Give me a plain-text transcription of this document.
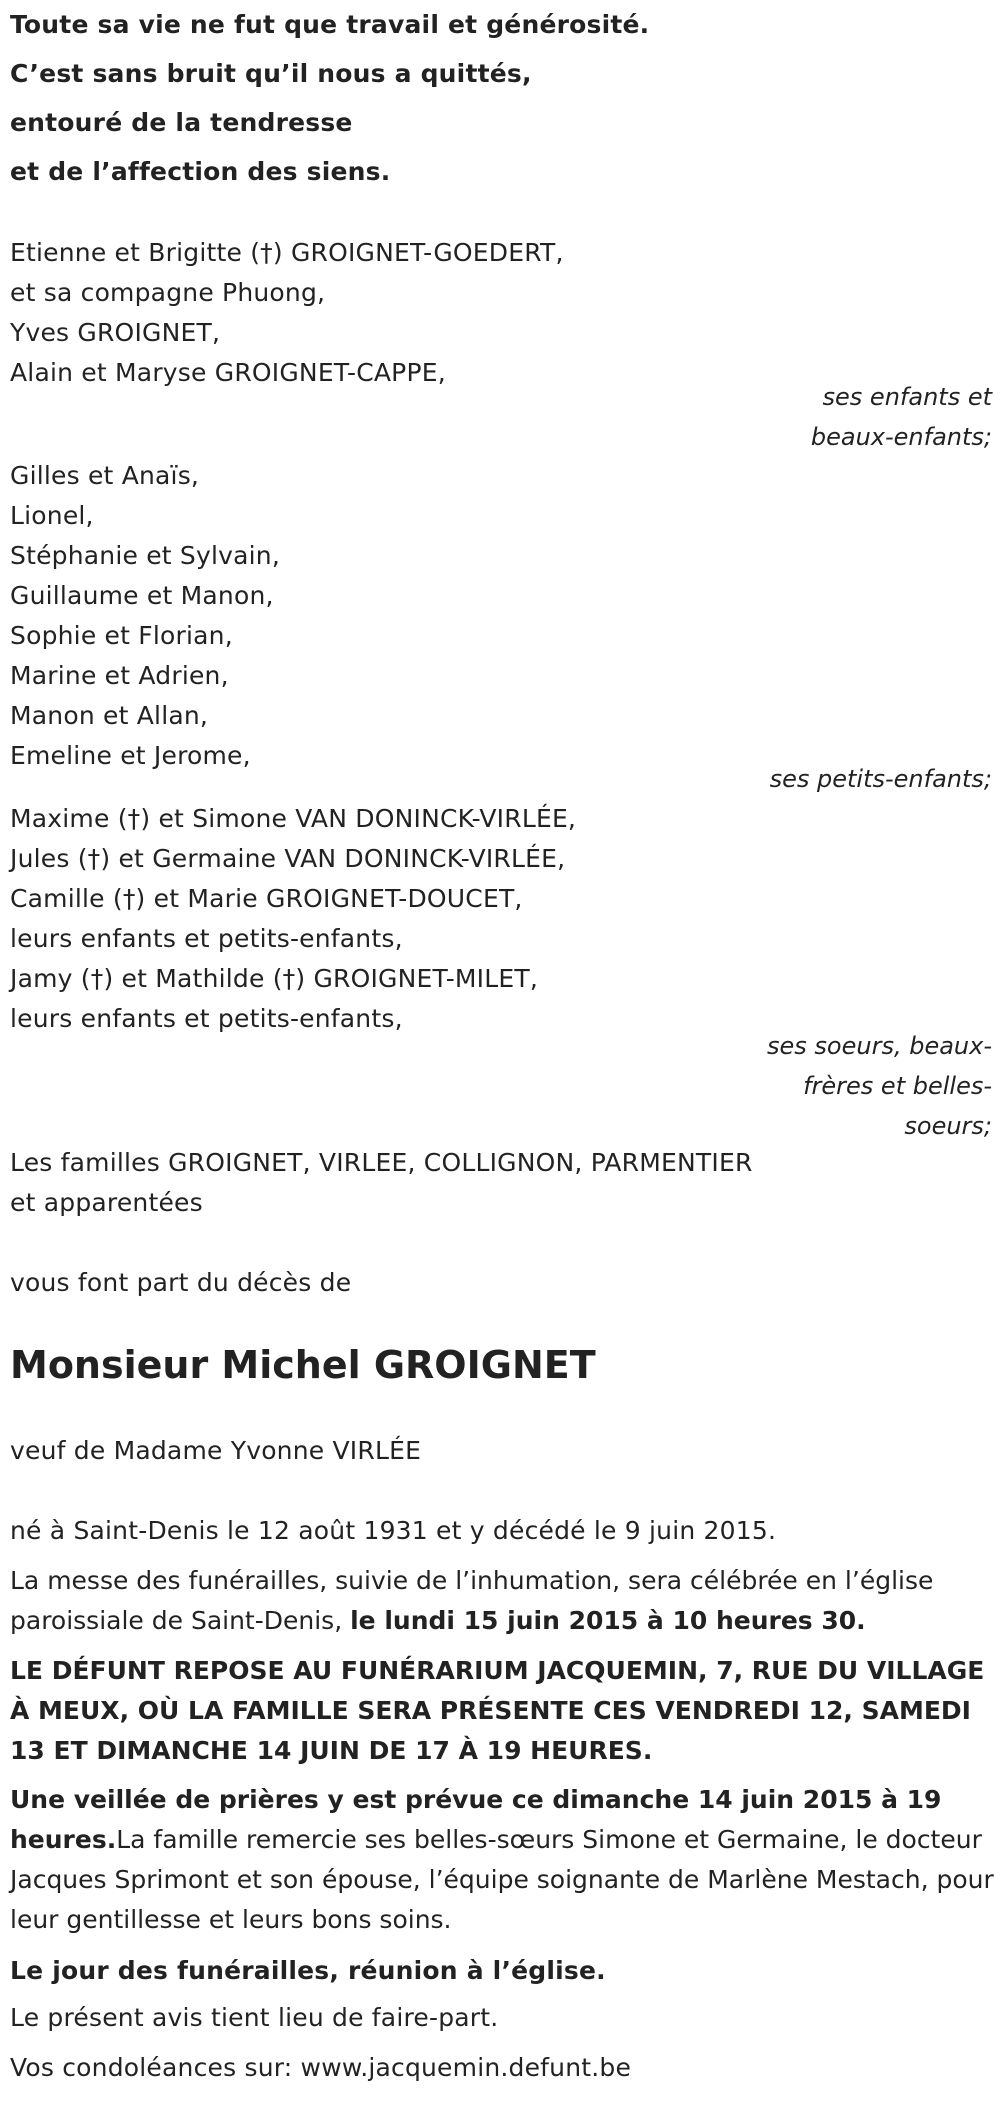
Toute sa vie ne fut que travail et générosité.
C’est sans bruit qu’il nous a quittés,
entouré de la tendresse
et de l’affection des siens.
Etienne et Brigitte (†) GROIGNET-GOEDERT,
et sa compagne Phuong,
Yves GROIGNET,
Alain et Maryse GROIGNET-CAPPE,
ses enfants et
beaux-enfants;
Gilles et Anaïs,
Lionel,
Stéphanie et Sylvain,
Guillaume et Manon,
Sophie et Florian,
Marine et Adrien,
Manon et Allan,
Emeline et Jerome,
ses petits-enfants;
Maxime (†) et Simone VAN DONINCK-VIRLÉE,
Jules (†) et Germaine VAN DONINCK-VIRLÉE,
Camille (†) et Marie GROIGNET-DOUCET,
leurs enfants et petits-enfants,
Jamy (†) et Mathilde (†) GROIGNET-MILET,
leurs enfants et petits-enfants,
ses soeurs, beaux-
frères et belles-
soeurs;
Les familles GROIGNET, VIRLEE, COLLIGNON, PARMENTIER
et apparentées
vous font part du décès de
Monsieur Michel GROIGNET
veuf de Madame Yvonne VIRLÉE
né à Saint-Denis le 12 août 1931 et y décédé le 9 juin 2015.
La messe des funérailles, suivie de l’inhumation, sera célébrée en l’église paroissiale de Saint-Denis, le lundi 15 juin 2015 à 10 heures 30.
LE DÉFUNT REPOSE AU FUNÉRARIUM JACQUEMIN, 7, RUE DU VILLAGE À MEUX, OÙ LA FAMILLE SERA PRÉSENTE CES VENDREDI 12, SAMEDI 13 ET DIMANCHE 14 JUIN DE 17 À 19 HEURES.
Une veillée de prières y est prévue ce dimanche 14 juin 2015 à 19 heures.La famille remercie ses belles-sœurs Simone et Germaine, le docteur Jacques Sprimont et son épouse, l’équipe soignante de Marlène Mestach, pour leur gentillesse et leurs bons soins.
Le jour des funérailles, réunion à l’église.
Le présent avis tient lieu de faire-part.
Vos condoléances sur: www.jacquemin.defunt.be
